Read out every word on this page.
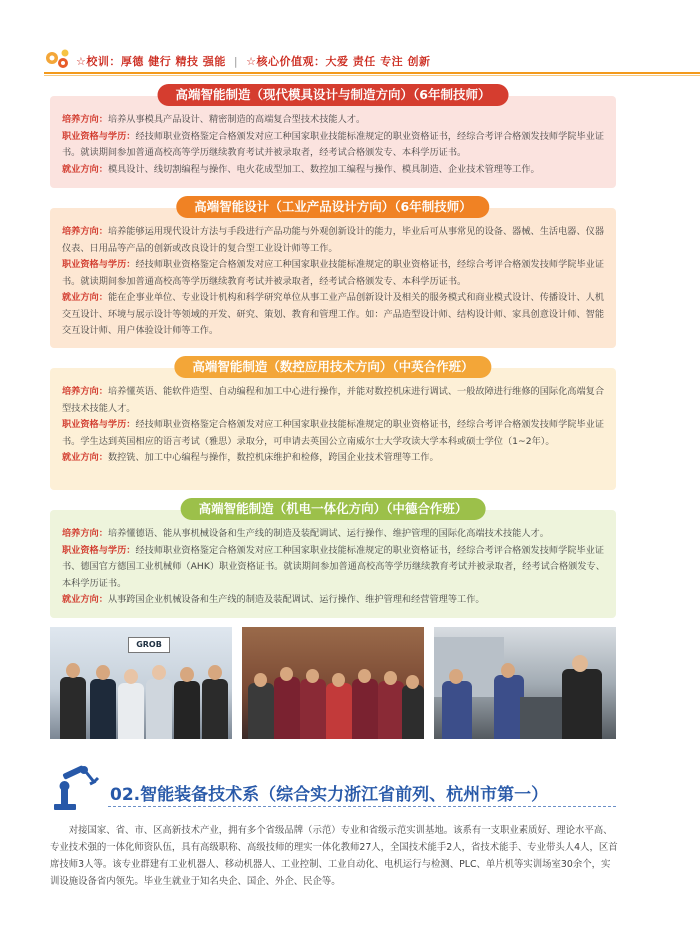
☆校训：厚德 健行 精技 强能 | ☆核心价值观：大爱 责任 专注 创新
高端智能制造（现代模具设计与制造方向）（6年制技师）

培养方向：培养从事模具产品设计、精密制造的高端复合型技术技能人才。

职业资格与学历：经技师职业资格鉴定合格颁发对应工种国家职业技能标准规定的职业资格证书，经综合考评合格颁发技师学院毕业证书。就读期间参加普通高校高等学历继续教育考试并被录取者，经考试合格颁发专、本科学历证书。

就业方向：模具设计、线切割编程与操作、电火花成型加工、数控加工编程与操作、模具制造、企业技术管理等工作。

高端智能设计（工业产品设计方向）（6年制技师）

培养方向：培养能够运用现代设计方法与手段进行产品功能与外观创新设计的能力，毕业后可从事常见的设备、器械、生活电器、仪器仪表、日用品等产品的创新或改良设计的复合型工业设计师等工作。

职业资格与学历：经技师职业资格鉴定合格颁发对应工种国家职业技能标准规定的职业资格证书，经综合考评合格颁发技师学院毕业证书。就读期间参加普通高校高等学历继续教育考试并被录取者，经考试合格颁发专、本科学历证书。

就业方向：能在企事业单位、专业设计机构和科学研究单位从事工业产品创新设计及相关的服务模式和商业模式设计、传播设计、人机交互设计、环境与展示设计等领域的开发、研究、策划、教育和管理工作。如：产品造型设计师、结构设计师、家具创意设计师、智能交互设计师、用户体验设计师等工作。

高端智能制造（数控应用技术方向）（中英合作班）

培养方向：培养懂英语、能软件造型、自动编程和加工中心进行操作，并能对数控机床进行调试、一般故障进行维修的国际化高端复合型技术技能人才。

职业资格与学历：经技师职业资格鉴定合格颁发对应工种国家职业技能标准规定的职业资格证书，经综合考评合格颁发技师学院毕业证书。学生达到英国相应的语言考试（雅思）录取分，可申请去英国公立南威尔士大学攻读大学本科或硕士学位（1~2年）。

就业方向：数控铣、加工中心编程与操作，数控机床维护和检修，跨国企业技术管理等工作。

高端智能制造（机电一体化方向）（中德合作班）

培养方向：培养懂德语、能从事机械设备和生产线的制造及装配调试、运行操作、维护管理的国际化高端技术技能人才。

职业资格与学历：经技师职业资格鉴定合格颁发对应工种国家职业技能标准规定的职业资格证书，经综合考评合格颁发技师学院毕业证书、德国官方德国工业机械师（AHK）职业资格证书。就读期间参加普通高校高等学历继续教育考试并被录取者，经考试合格颁发专、本科学历证书。

就业方向：从事跨国企业机械设备和生产线的制造及装配调试、运行操作、维护管理和经营管理等工作。

GROB
02.智能装备技术系（综合实力浙江省前列、杭州市第一）

对接国家、省、市、区高新技术产业，拥有多个省级品牌（示范）专业和省级示范实训基地。该系有一支职业素质好、理论水平高、专业技术强的一体化师资队伍，具有高级职称、高级技师的理实一体化教师27人，全国技术能手2人，省技术能手、专业带头人4人，区首席技师3人等。该专业群建有工业机器人、移动机器人、工业控制、工业自动化、电机运行与检测、PLC、单片机等实训场室30余个，实训设施设备省内领先。毕业生就业于知名央企、国企、外企、民企等。
